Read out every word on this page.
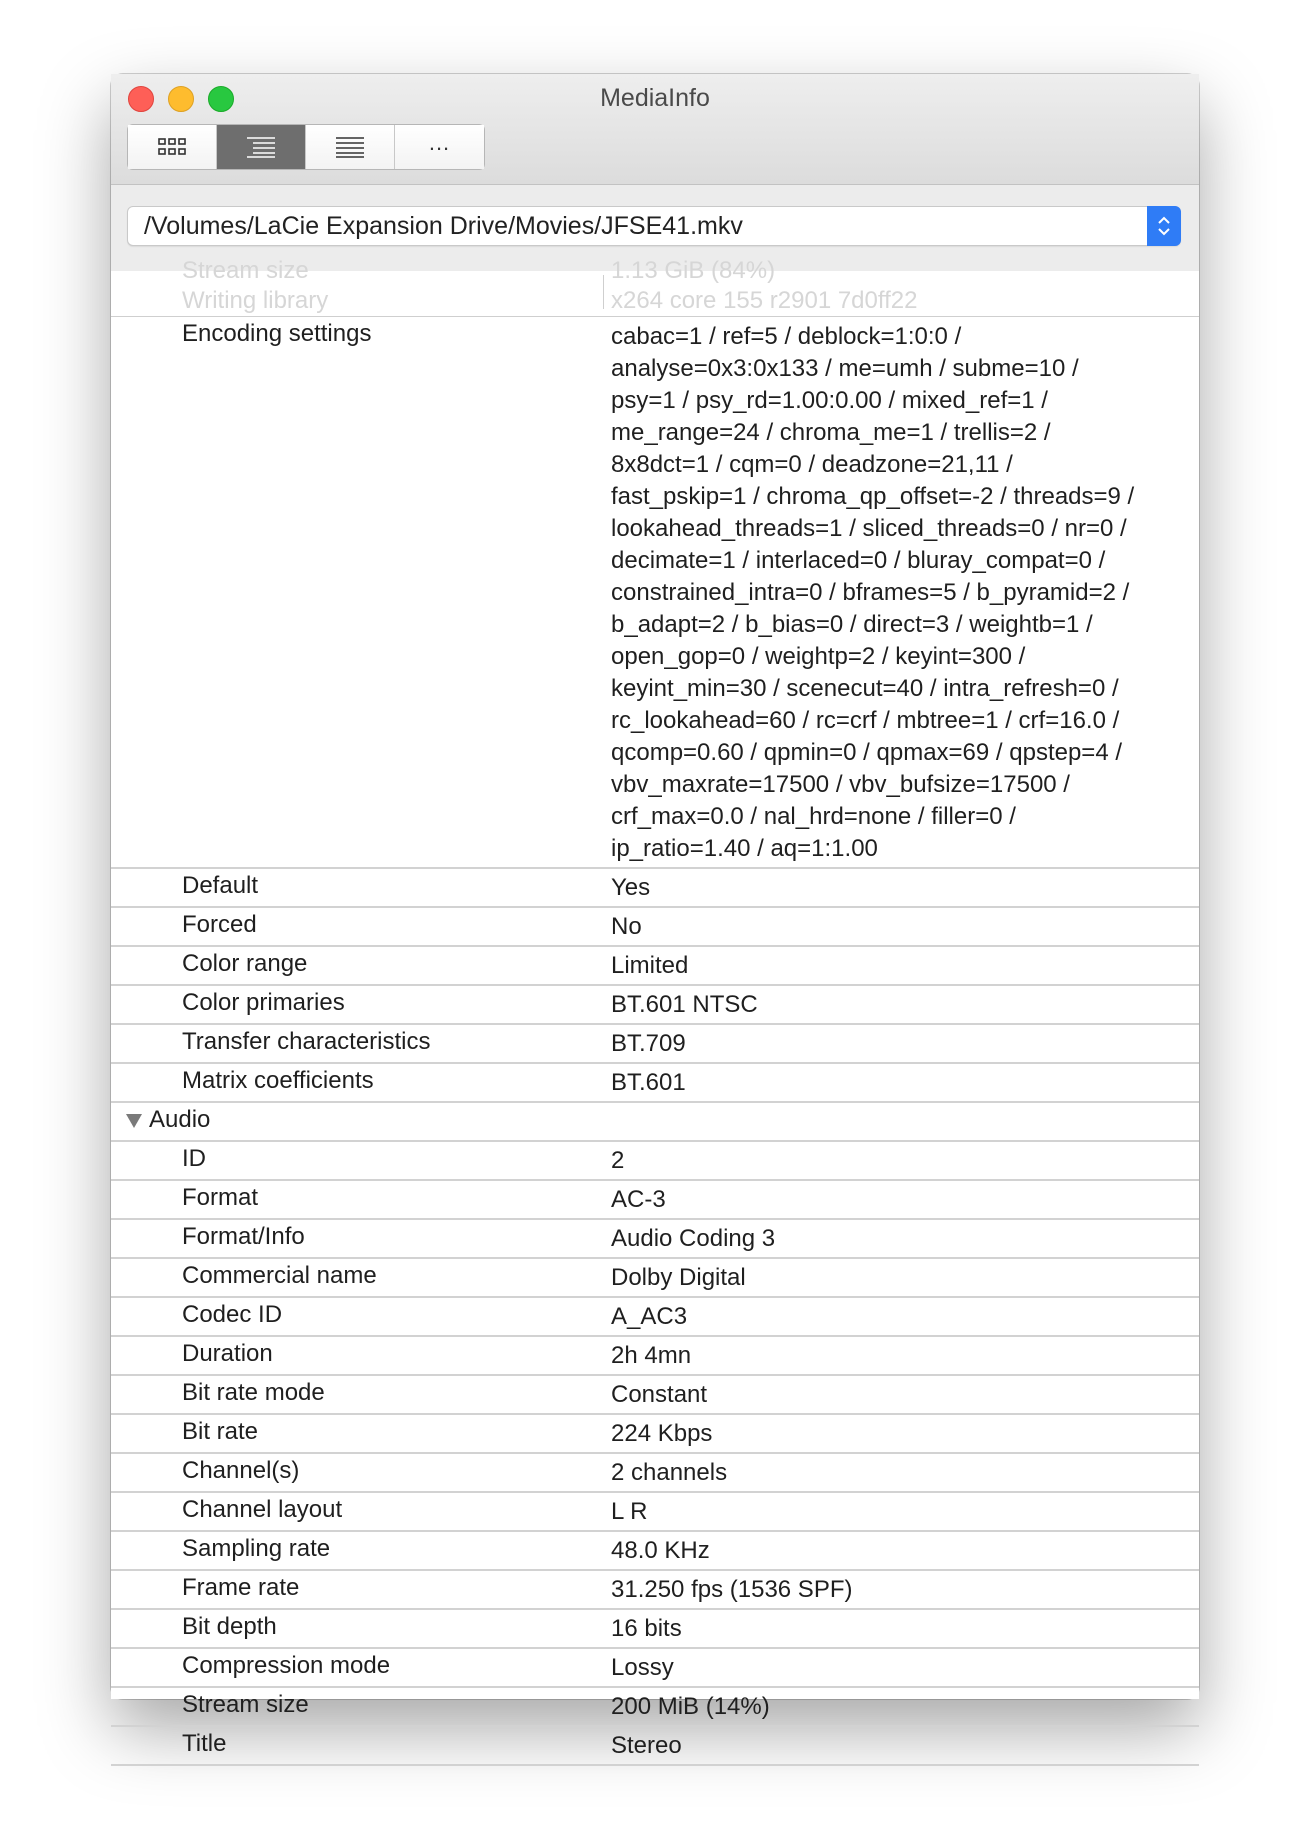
MediaInfo
...
/Volumes/LaCie Expansion Drive/Movies/JFSE41.mkv
Stream size	1.13 GiB (84%)
Writing library	x264 core 155 r2901 7d0ff22
Encoding settings	cabac=1 / ref=5 / deblock=1:0:0 /
analyse=0x3:0x133 / me=umh / subme=10 /
psy=1 / psy_rd=1.00:0.00 / mixed_ref=1 /
me_range=24 / chroma_me=1 / trellis=2 /
8x8dct=1 / cqm=0 / deadzone=21,11 /
fast_pskip=1 / chroma_qp_offset=-2 / threads=9 /
lookahead_threads=1 / sliced_threads=0 / nr=0 /
decimate=1 / interlaced=0 / bluray_compat=0 /
constrained_intra=0 / bframes=5 / b_pyramid=2 /
b_adapt=2 / b_bias=0 / direct=3 / weightb=1 /
open_gop=0 / weightp=2 / keyint=300 /
keyint_min=30 / scenecut=40 / intra_refresh=0 /
rc_lookahead=60 / rc=crf / mbtree=1 / crf=16.0 /
qcomp=0.60 / qpmin=0 / qpmax=69 / qpstep=4 /
vbv_maxrate=17500 / vbv_bufsize=17500 /
crf_max=0.0 / nal_hrd=none / filler=0 /
ip_ratio=1.40 / aq=1:1.00
Default	Yes
Forced	No
Color range	Limited
Color primaries	BT.601 NTSC
Transfer characteristics	BT.709
Matrix coefficients	BT.601
Audio

ID	2
Format	AC-3
Format/Info	Audio Coding 3
Commercial name	Dolby Digital
Codec ID	A_AC3
Duration	2h 4mn
Bit rate mode	Constant
Bit rate	224 Kbps
Channel(s)	2 channels
Channel layout	L R
Sampling rate	48.0 KHz
Frame rate	31.250 fps (1536 SPF)
Bit depth	16 bits
Compression mode	Lossy
Stream size	200 MiB (14%)
Title	Stereo
